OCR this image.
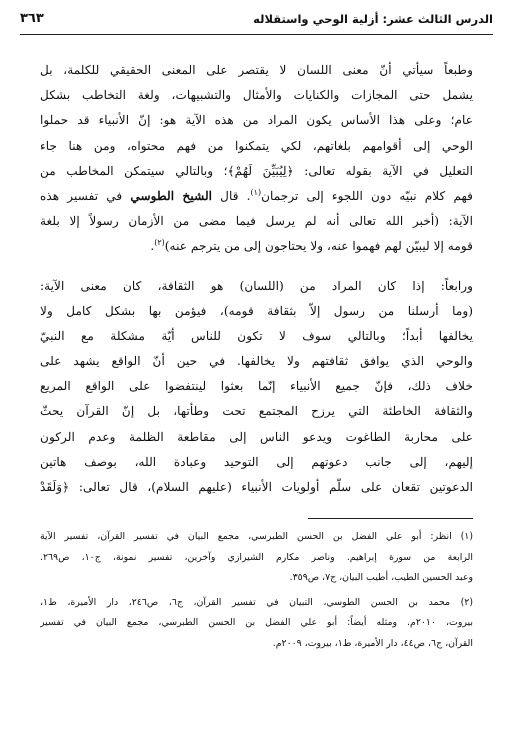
الدرس الثالث عشر: أزلية الوحي واستقلاله
٣٦٣
وطبعاً سيأتي أنّ معنى اللسان لا يقتصر على المعنى الحقيقي للكلمة، بل
يشمل حتى المجازات والكنايات والأمثال والتشبيهات، ولغة التخاطب بشكل
عام؛ وعلى هذا الأساس يكون المراد من هذه الآية هو: إنّ الأنبياء قد حملوا
الوحي إلى أقوامهم بلغاتهم، لكي يتمكنوا من فهم محتواه، ومن هنا جاء
التعليل في الآية بقوله تعالى: ﴿لِيُبَيِّنَ لَهُمْ﴾؛ وبالتالي سيتمكن المخاطب من
فهم كلام نبيّه دون اللجوء إلى ترجمان$^{(١)}$. قال الشيخ الطوسي في تفسير هذه
الآية: (أخبر الله تعالى أنه لم يرسل فيما مضى من الأزمان رسولاً إلا بلغة
قومه إلا ليبيّن لهم فهموا عنه، ولا يحتاجون إلى من يترجم عنه)$^{(٢)}$.
ورابعاً: إذا كان المراد من (اللسان) هو الثقافة، كان معنى الآية:
(وما أرسلنا من رسول إلاّ بثقافة قومه)، فيؤمن بها بشكل كامل ولا
يخالفها أبداً؛ وبالتالي سوف لا تكون للناس أيّة مشكلة مع النبيّ
والوحي الذي يوافق ثقافتهم ولا يخالفها. في حين أنّ الواقع يشهد على
خلاف ذلك، فإنّ جميع الأنبياء إنّما بعثوا لينتفضوا على الواقع المريع
والثقافة الخاطئة التي يرزح المجتمع تحت وطأتها، بل إنّ القرآن يحثّ
على محاربة الطاغوت ويدعو الناس إلى مقاطعة الظلمة وعدم الركون
إليهم، إلى جانب دعوتهم إلى التوحيد وعبادة الله، بوصف هاتين
الدعوتين تقعان على سلّم أولويات الأنبياء (عليهم السلام)، قال تعالى: ﴿وَلَقَدْ
(١) انظر: أبو علي الفضل بن الحسن الطبرسي، مجمع البيان في تفسير القرآن، تفسير الآية
الرابعة من سورة إبراهيم. وناصر مكارم الشيرازي وآخرين، تفسير نمونة، ج١٠، ص٢٦٩.
وعبد الحسين الطيب، أطيب البيان، ج٧، ص٣٥٩.
(٢) محمد بن الحسن الطوسي، التبيان في تفسير القرآن، ج٦، ص٢٤٦، دار الأميرة، ط١،
بيروت، ٢٠١٠م. ومثله أيضاً: أبو علي الفضل بن الحسن الطبرسي، مجمع البيان في تفسير
القرآن، ج٦، ص٤٤، دار الأميرة، ط١، بيروت، ٢٠٠٩م.
